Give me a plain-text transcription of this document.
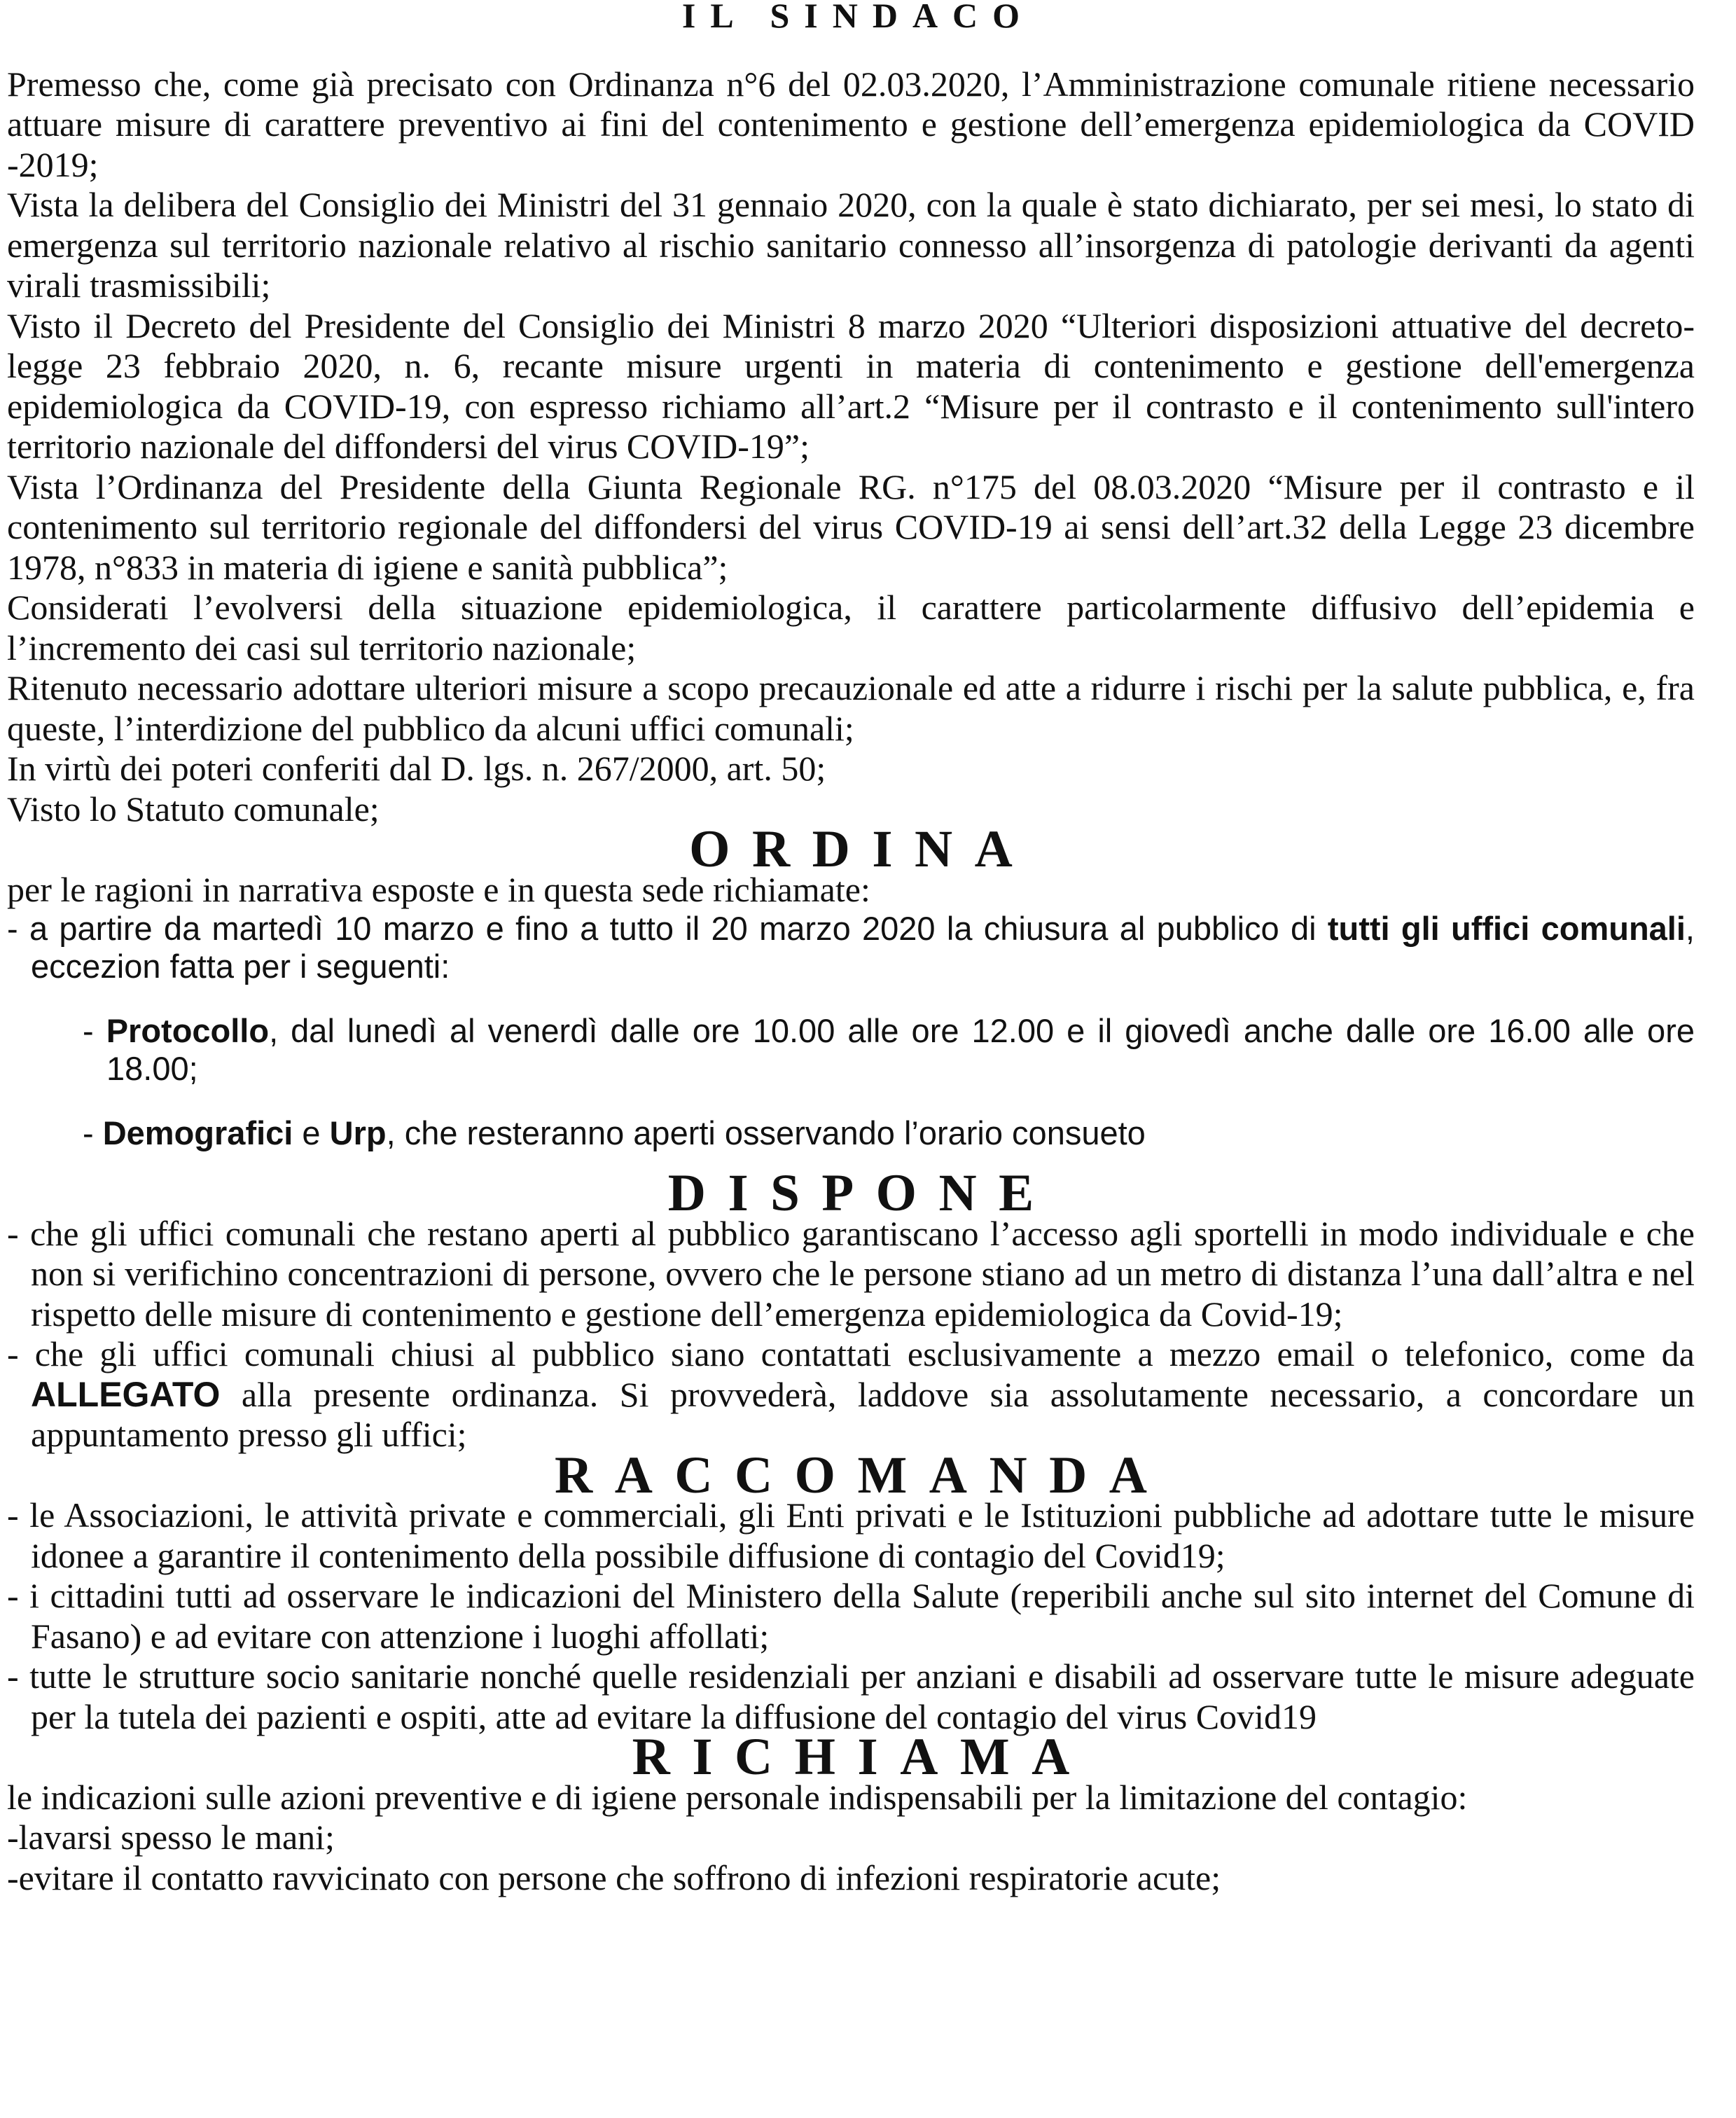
IL SINDACO

Premesso che, come già precisato con Ordinanza n°6 del 02.03.2020, l’Amministrazione comunale ritiene necessario attuare misure di carattere preventivo ai fini del contenimento e gestione dell’emergenza epidemiologica da COVID -2019;

Vista la delibera del Consiglio dei Ministri del 31 gennaio 2020, con la quale è stato dichiarato, per sei mesi, lo stato di emergenza sul territorio nazionale relativo al rischio sanitario connesso all’insorgenza di patologie derivanti da agenti virali trasmissibili;

Visto il Decreto del Presidente del Consiglio dei Ministri 8 marzo 2020 “Ulteriori disposizioni attuative del decreto-legge 23 febbraio 2020, n. 6, recante misure urgenti in materia di contenimento e gestione dell'emergenza epidemiologica da COVID-19, con espresso richiamo all’art.2 “Misure per il contrasto e il contenimento sull'intero territorio nazionale del diffondersi del virus COVID-19”;

Vista l’Ordinanza del Presidente della Giunta Regionale RG. n°175 del 08.03.2020 “Misure per il contrasto e il contenimento sul territorio regionale del diffondersi del virus COVID-19 ai sensi dell’art.32 della Legge 23 dicembre 1978, n°833 in materia di igiene e sanità pubblica”;

Considerati l’evolversi della situazione epidemiologica, il carattere particolarmente diffusivo dell’epidemia e l’incremento dei casi sul territorio nazionale;

Ritenuto necessario adottare ulteriori misure a scopo precauzionale ed atte a ridurre i rischi per la salute pubblica, e, fra queste, l’interdizione del pubblico da alcuni uffici comunali;

In virtù dei poteri conferiti dal D. lgs. n. 267/2000, art. 50;

Visto lo Statuto comunale;

ORDINA

per le ragioni in narrativa esposte e in questa sede richiamate:

- a partire da martedì 10 marzo e fino a tutto il 20 marzo 2020 la chiusura al pubblico di tutti gli uffici comunali, eccezion fatta per i seguenti:

- Protocollo, dal lunedì al venerdì dalle ore 10.00 alle ore 12.00 e il giovedì anche dalle ore 16.00 alle ore 18.00;

- Demografici e Urp, che resteranno aperti osservando l’orario consueto

DISPONE

- che gli uffici comunali che restano aperti al pubblico garantiscano l’accesso agli sportelli in modo individuale e che non si verifichino concentrazioni di persone, ovvero che le persone stiano ad un metro di distanza l’una dall’altra e nel rispetto delle misure di contenimento e gestione dell’emergenza epidemiologica da Covid-19;

- che gli uffici comunali chiusi al pubblico siano contattati esclusivamente a mezzo email o telefonico, come da ALLEGATO alla presente ordinanza. Si provvederà, laddove sia assolutamente necessario, a concordare un appuntamento presso gli uffici;

RACCOMANDA

- le Associazioni, le attività private e commerciali, gli Enti privati e le Istituzioni pubbliche ad adottare tutte le misure idonee a garantire il contenimento della possibile diffusione di contagio del Covid19;

- i cittadini tutti ad osservare le indicazioni del Ministero della Salute (reperibili anche sul sito internet del Comune di Fasano) e ad evitare con attenzione i luoghi affollati;

- tutte le strutture socio sanitarie nonché quelle residenziali per anziani e disabili ad osservare tutte le misure adeguate per la tutela dei pazienti e ospiti, atte ad evitare la diffusione del contagio del virus Covid19

RICHIAMA

le indicazioni sulle azioni preventive e di igiene personale indispensabili per la limitazione del contagio:

-lavarsi spesso le mani;

-evitare il contatto ravvicinato con persone che soffrono di infezioni respiratorie acute;
